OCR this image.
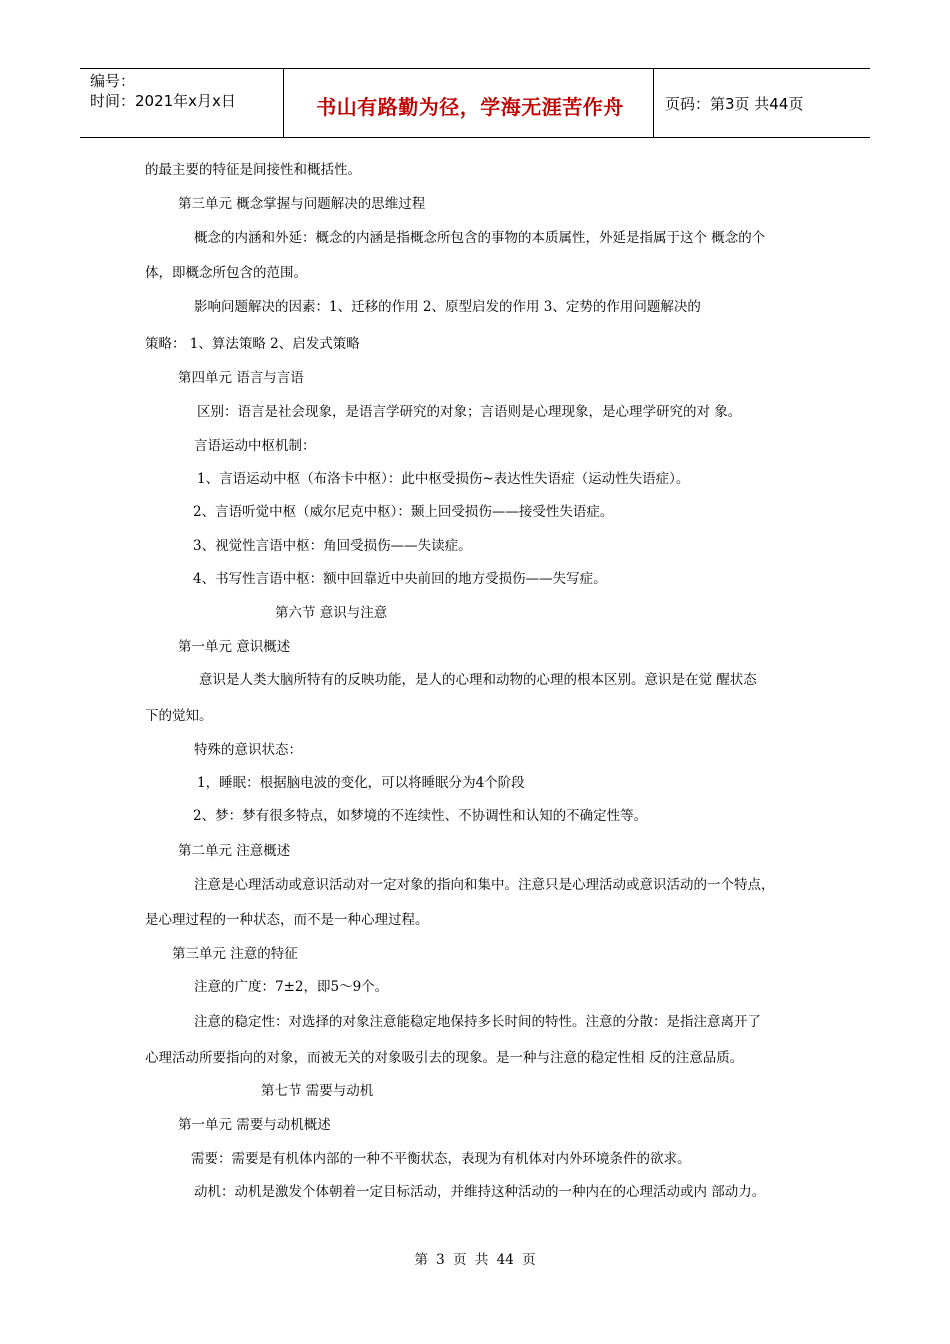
编号：
时间：2021年x月x日	书山有路勤为径，学海无涯苦作舟	页码：第3页 共44页
的最主要的特征是间接性和概括性。
第三单元 概念掌握与问题解决的思维过程
概念的内涵和外延：概念的内涵是指概念所包含的事物的本质属性，外延是指属于这个 概念的个
体，即概念所包含的范围。
影响问题解决的因素：1、迁移的作用 2、原型启发的作用 3、定势的作用问题解决的
策略： 1、算法策略 2、启发式策略
第四单元 语言与言语
区别：语言是社会现象，是语言学研究的对象；言语则是心理现象，是心理学研究的对 象。
言语运动中枢机制：
1、言语运动中枢（布洛卡中枢）：此中枢受损伤~表达性失语症（运动性失语症）。
2、言语听觉中枢（威尔尼克中枢）：颞上回受损伤——接受性失语症。
3、视觉性言语中枢：角回受损伤——失读症。
4、书写性言语中枢：额中回靠近中央前回的地方受损伤——失写症。
第六节 意识与注意
第一单元 意识概述
意识是人类大脑所特有的反映功能，是人的心理和动物的心理的根本区别。意识是在觉 醒状态
下的觉知。
特殊的意识状态：
1，睡眠：根据脑电波的变化，可以将睡眠分为4个阶段
2、梦：梦有很多特点，如梦境的不连续性、不协调性和认知的不确定性等。
第二单元 注意概述
注意是心理活动或意识活动对一定对象的指向和集中。注意只是心理活动或意识活动的一个特点，
是心理过程的一种状态，而不是一种心理过程。
第三单元 注意的特征
注意的广度：7±2，即5～9个。
注意的稳定性：对选择的对象注意能稳定地保持多长时间的特性。注意的分散：是指注意离开了
心理活动所要指向的对象，而被无关的对象吸引去的现象。是一种与注意的稳定性相 反的注意品质。
第七节 需要与动机
第一单元 需要与动机概述
需要：需要是有机体内部的一种不平衡状态，表现为有机体对内外环境条件的欲求。
动机：动机是激发个体朝着一定目标活动，并维持这种活动的一种内在的心理活动或内 部动力。
第 3 页 共 44 页
